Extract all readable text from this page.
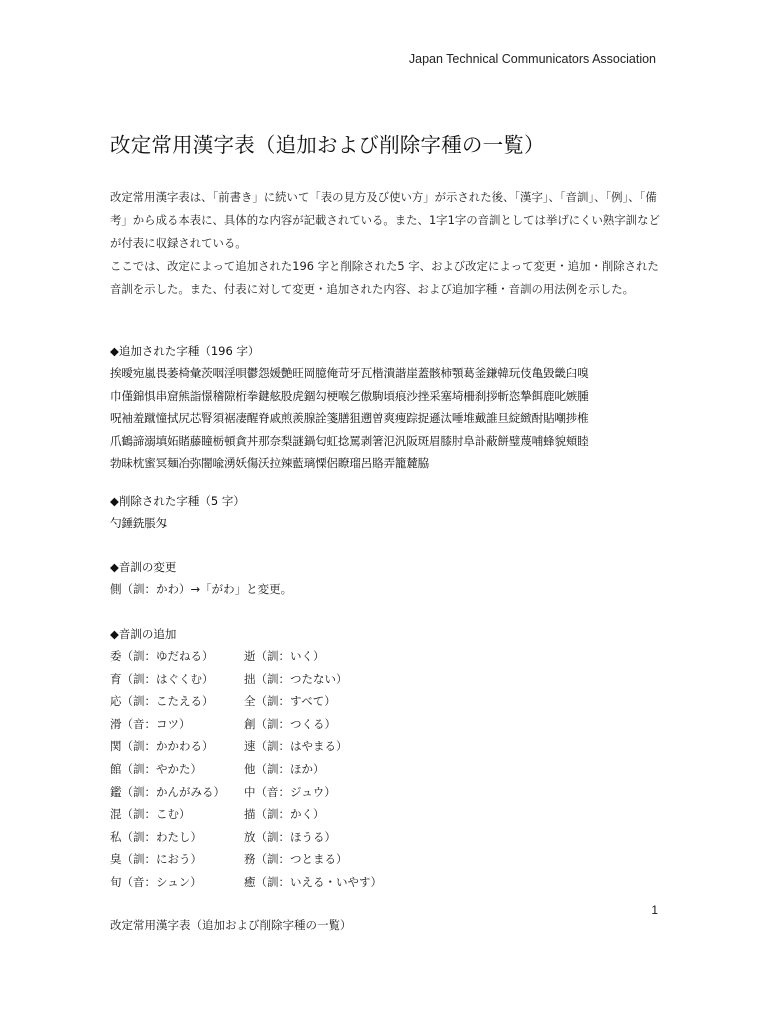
Japan Technical Communicators Association
改定常用漢字表（追加および削除字種の一覧）

改定常用漢字表は、「前書き」に続いて「表の見方及び使い方」が示された後、「漢字」、「音訓」、「例」、「備考」から成る本表に、具体的な内容が記載されている。また、1字1字の音訓としては挙げにくい熟字訓などが付表に収録されている。

ここでは、改定によって追加された196 字と削除された5 字、および改定によって変更・追加・削除された音訓を示した。また、付表に対して変更・追加された内容、および追加字種・音訓の用法例を示した。

◆追加された字種（196 字）
挨曖宛嵐畏萎椅彙茨咽淫唄鬱怨媛艶旺岡臆俺苛牙瓦楷潰諧崖蓋骸柿顎葛釜鎌韓玩伎亀毀畿臼嗅
巾僅錦惧串窟熊詣憬稽隙桁拳鍵舷股虎錮勾梗喉乞傲駒頃痕沙挫采塞埼柵刹拶斬恣摯餌鹿叱嫉腫
呪袖羞蹴憧拭尻芯腎須裾凄醒脊戚煎羨腺詮箋膳狙遡曽爽痩踪捉遜汰唾堆戴誰旦綻緻酎貼嘲捗椎
爪鶴諦溺填妬賭藤瞳栃頓貪丼那奈梨謎鍋匂虹捻罵剥箸氾汎阪斑眉膝肘阜訃蔽餅璧蔑哺蜂貌頬睦
勃昧枕蜜冥麺冶弥闇喩湧妖傷沃拉辣藍璃慄侶瞭瑠呂賂弄籠麓脇
◆削除された字種（5 字）
勺錘銑脹匁
◆音訓の変更
側（訓：かわ）→「がわ」と変更。
◆音訓の追加
委（訓：ゆだねる）	逝（訓：いく）
育（訓：はぐくむ）	拙（訓：つたない）
応（訓：こたえる）	全（訓：すべて）
滑（音：コツ）	創（訓：つくる）
関（訓：かかわる）	速（訓：はやまる）
館（訓：やかた）	他（訓：ほか）
鑑（訓：かんがみる）	中（音：ジュウ）
混（訓：こむ）	描（訓：かく）
私（訓：わたし）	放（訓：ほうる）
臭（訓：におう）	務（訓：つとまる）
旬（音：シュン）	癒（訓：いえる・いやす）
1
改定常用漢字表（追加および削除字種の一覧）
